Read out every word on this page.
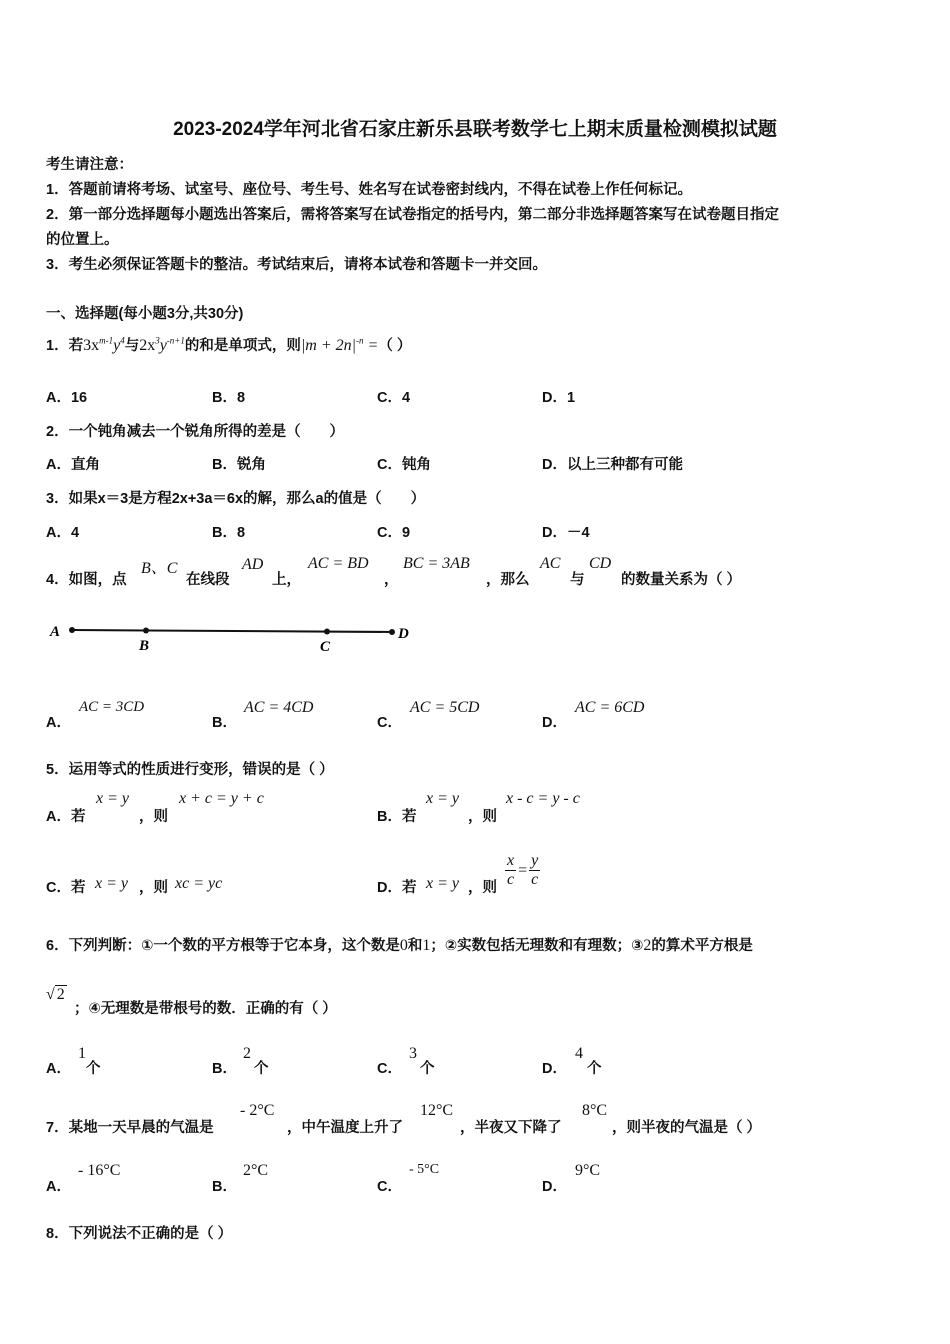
2023-2024学年河北省石家庄新乐县联考数学七上期末质量检测模拟试题
考生请注意：
1．答题前请将考场、试室号、座位号、考生号、姓名写在试卷密封线内，不得在试卷上作任何标记。
2．第一部分选择题每小题选出答案后，需将答案写在试卷指定的括号内，第二部分非选择题答案写在试卷题目指定
的位置上。
3．考生必须保证答题卡的整洁。考试结束后，请将本试卷和答题卡一并交回。
一、选择题(每小题3分,共30分)
1．若$3x^{m-1}y^4$与$2x^3y^{-n+1}$的和是单项式，则$|m + 2n|^{-n}$ =（ ）
A．16	B．8	C．4	D．1
2．一个钝角减去一个锐角所得的差是（　　）
A．直角	B．锐角	C．钝角	D．以上三种都有可能
3．如果x＝3是方程2x+3a＝6x的解，那么a的值是（　　）
A．4	B．8	C．9	D．－4
4．如图，点
B、C
在线段
AD
上，
AC = BD
，
BC = 3AB
，那么
AC
与
CD
的数量关系为（ ）
A
B	C
D
A．
AC = 3CD
B．
AC = 4CD
C．
AC = 5CD
D．
AC = 6CD
5．运用等式的性质进行变形，错误的是（ ）
A．若
x = y
，则
x + c = y + c
B．若
x = y
，则
x - c = y - c
C．若 x = y ，则 xc = yc	D．若 x = y ，则 $\frac{x}{c} = \frac{y}{c}$
6．下列判断：①一个数的平方根等于它本身，这个数是0和1；②实数包括无理数和有理数；③2的算术平方根是
√ 2
；④无理数是带根号的数．正确的有（ ）
A．
1
个	B．
2
个	C．
3
个	D．
4
个
7．某地一天早晨的气温是
- 2°C
，中午温度上升了
12°C
，半夜又下降了
8°C
，则半夜的气温是（ ）
A．
- 16°C
B．
2°C
C．
- 5°C
D．
9°C
8．下列说法不正确的是（ ）
